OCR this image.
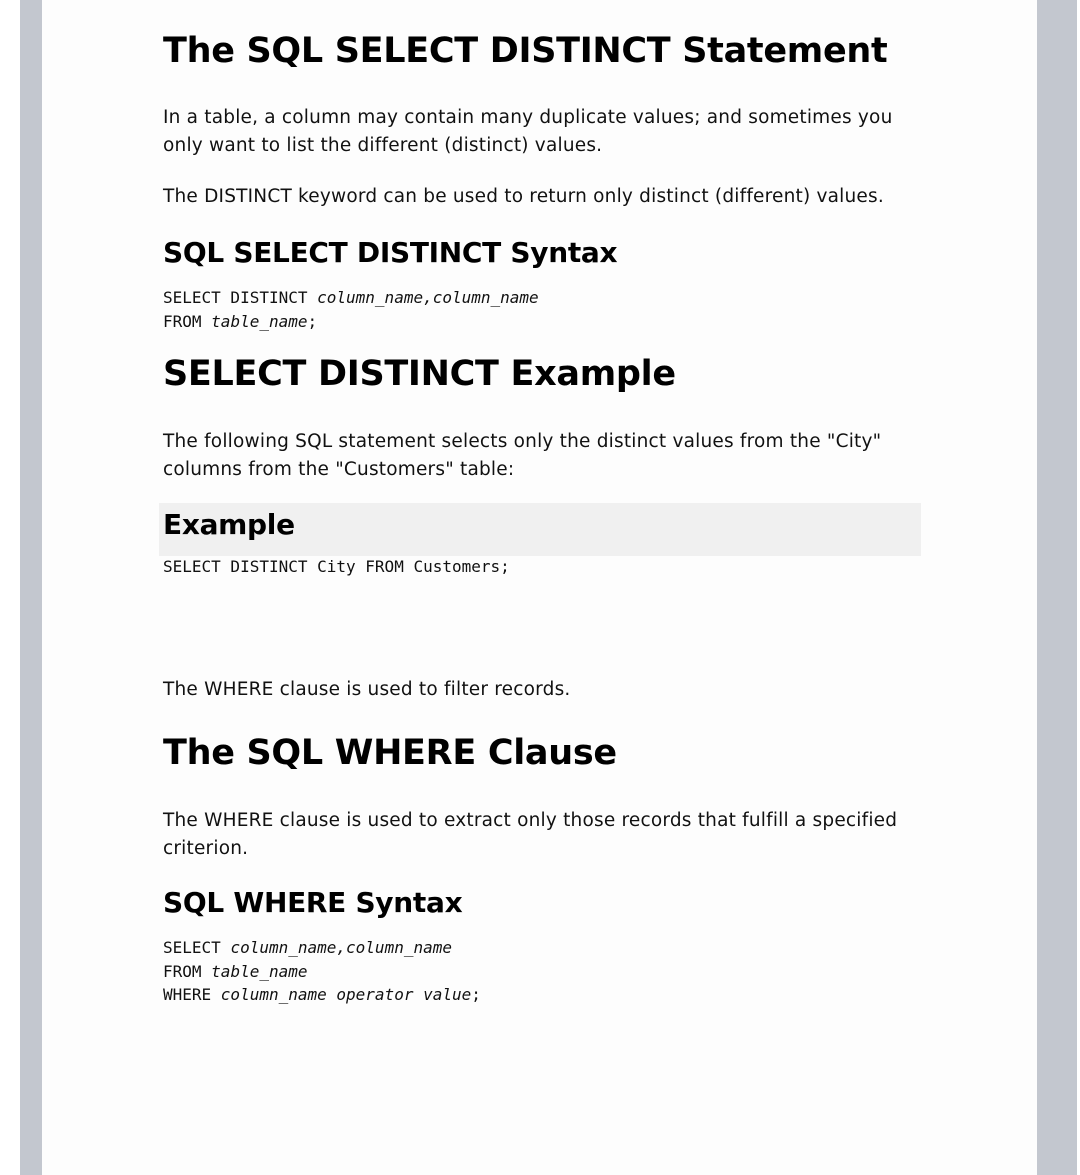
The SQL SELECT DISTINCT Statement

In a table, a column may contain many duplicate values; and sometimes you

only want to list the different (distinct) values.

The DISTINCT keyword can be used to return only distinct (different) values.

SQL SELECT DISTINCT Syntax
SELECT DISTINCT column_name,column_name
FROM table_name;
SELECT DISTINCT Example

The following SQL statement selects only the distinct values from the "City"

columns from the "Customers" table:

Example
SELECT DISTINCT City FROM Customers;

The WHERE clause is used to filter records.

The SQL WHERE Clause

The WHERE clause is used to extract only those records that fulfill a specified

criterion.

SQL WHERE Syntax
SELECT column_name,column_name
FROM table_name
WHERE column_name operator value;
